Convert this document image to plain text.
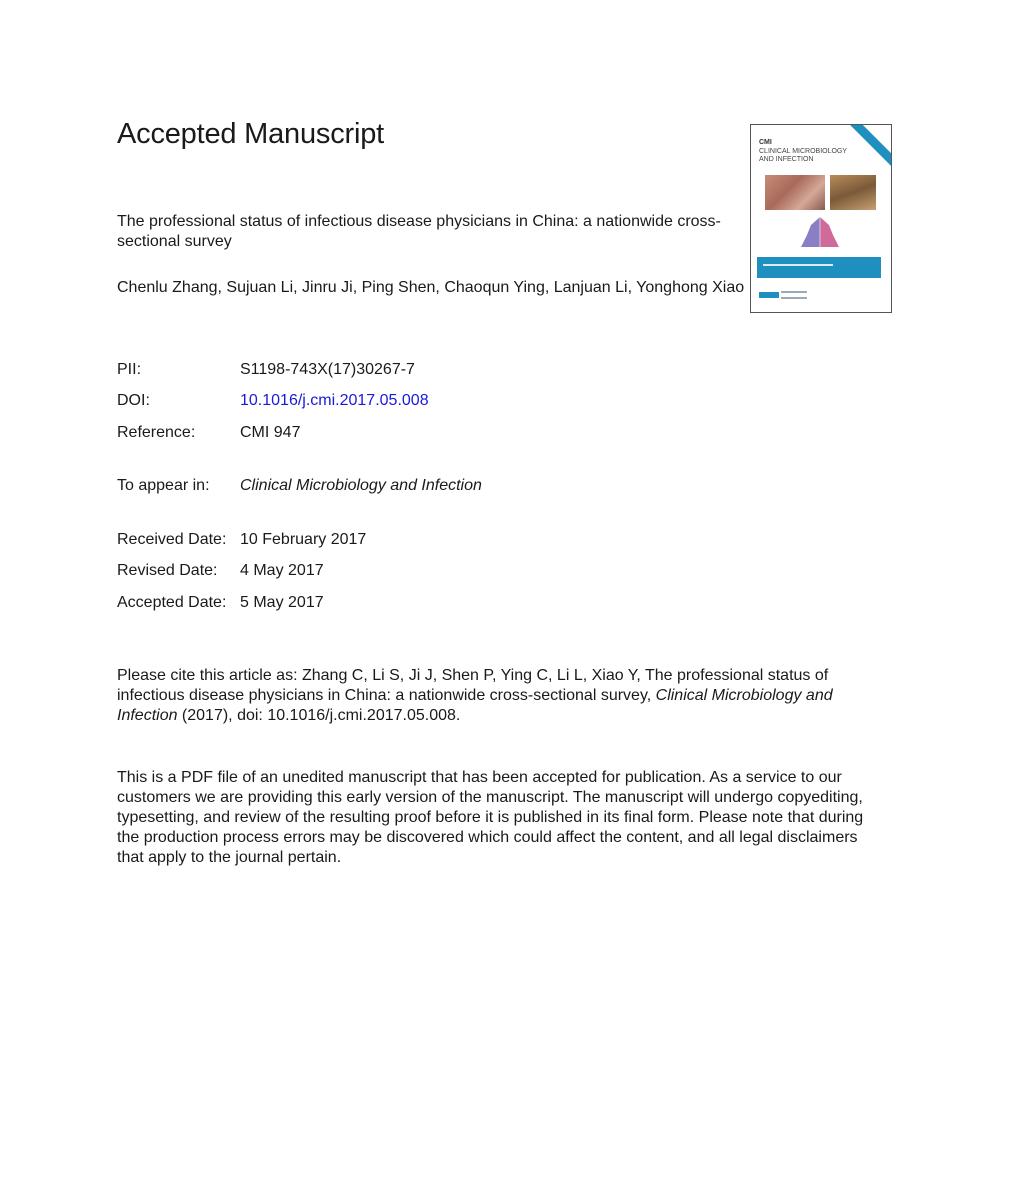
Accepted Manuscript
The professional status of infectious disease physicians in China: a nationwide cross-sectional survey
Chenlu Zhang, Sujuan Li, Jinru Ji, Ping Shen, Chaoqun Ying, Lanjuan Li, Yonghong Xiao
PII:	S1198-743X(17)30267-7
DOI:	10.1016/j.cmi.2017.05.008
Reference:	CMI 947
To appear in: Clinical Microbiology and Infection
Received Date: 10 February 2017
Revised Date: 4 May 2017
Accepted Date: 5 May 2017
Please cite this article as: Zhang C, Li S, Ji J, Shen P, Ying C, Li L, Xiao Y, The professional status of infectious disease physicians in China: a nationwide cross-sectional survey, Clinical Microbiology and Infection (2017), doi: 10.1016/j.cmi.2017.05.008.
This is a PDF file of an unedited manuscript that has been accepted for publication. As a service to our customers we are providing this early version of the manuscript. The manuscript will undergo copyediting, typesetting, and review of the resulting proof before it is published in its final form. Please note that during the production process errors may be discovered which could affect the content, and all legal disclaimers that apply to the journal pertain.
CMI
CLINICAL MICROBIOLOGY AND INFECTION
